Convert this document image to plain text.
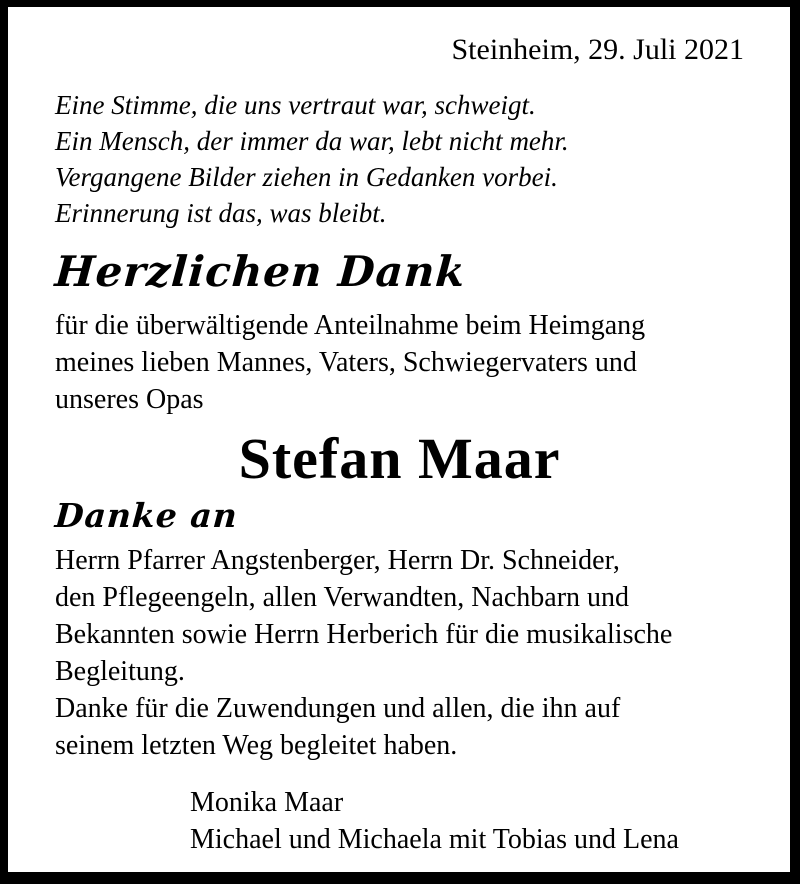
Steinheim, 29. Juli 2021
Eine Stimme, die uns vertraut war, schweigt.
Ein Mensch, der immer da war, lebt nicht mehr.
Vergangene Bilder ziehen in Gedanken vorbei.
Erinnerung ist das, was bleibt.
Herzlichen Dank
für die überwältigende Anteilnahme beim Heimgang
meines lieben Mannes, Vaters, Schwiegervaters und
unseres Opas
Stefan Maar
Danke an
Herrn Pfarrer Angstenberger, Herrn Dr. Schneider,
den Pflegeengeln, allen Verwandten, Nachbarn und
Bekannten sowie Herrn Herberich für die musikalische
Begleitung.
Danke für die Zuwendungen und allen, die ihn auf
seinem letzten Weg begleitet haben.
Monika Maar
Michael und Michaela mit Tobias und Lena
